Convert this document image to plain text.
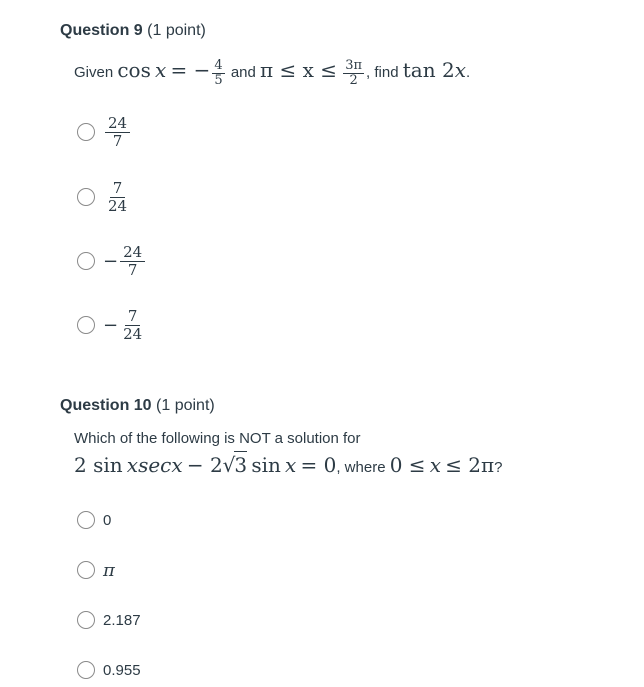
Question 9 (1 point)
Given cos x = − $\frac{4}{5}$ and $\pi \le x \le \frac{3\pi}{2}$ , find tan 2x.
$\frac{24}{7}$
$\frac{7}{24}$
− $\frac{24}{7}$
− $\frac{7}{24}$
Question 10 (1 point)
Which of the following is NOT a solution for
2 sin xsecx − 2√3 sin x = 0, where 0 ≤ x ≤ 2π?
0
π
2.187
0.955
